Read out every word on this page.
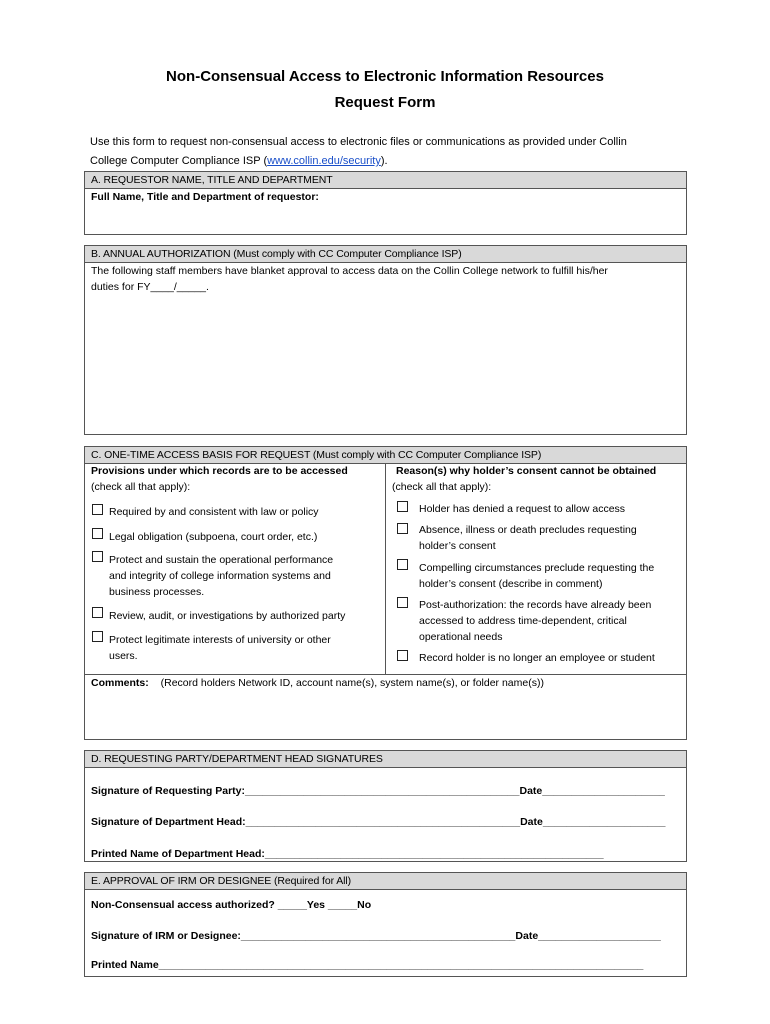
Non-Consensual Access to Electronic Information Resources
Request Form
Use this form to request non-consensual access to electronic files or communications as provided under Collin
College Computer Compliance ISP (www.collin.edu/security).
A. REQUESTOR NAME, TITLE AND DEPARTMENT
Full Name, Title and Department of requestor:
B. ANNUAL AUTHORIZATION (Must comply with CC Computer Compliance ISP)
The following staff members have blanket approval to access data on the Collin College network to fulfill his/her
duties for FY____/_____.
C. ONE-TIME ACCESS BASIS FOR REQUEST (Must comply with CC Computer Compliance ISP)
Provisions under which records are to be accessed
(check all that apply):
Reason(s) why holder’s consent cannot be obtained
(check all that apply):
Required by and consistent with law or policy
Legal obligation (subpoena, court order, etc.)
Protect and sustain the operational performance
and integrity of college information systems and
business processes.
Review, audit, or investigations by authorized party
Protect legitimate interests of university or other
users.
Holder has denied a request to allow access
Absence, illness or death precludes requesting
holder’s consent
Compelling circumstances preclude requesting the
holder’s consent (describe in comment)
Post-authorization: the records have already been
accessed to address time-dependent, critical
operational needs
Record holder is no longer an employee or student
Comments: (Record holders Network ID, account name(s), system name(s), or folder name(s))
D. REQUESTING PARTY/DEPARTMENT HEAD SIGNATURES
Signature of Requesting Party:_______________________________________________Date_____________________
Signature of Department Head:_______________________________________________Date_____________________
Printed Name of Department Head:__________________________________________________________
E. APPROVAL OF IRM OR DESIGNEE (Required for All)
Non-Consensual access authorized? _____Yes _____No
Signature of IRM or Designee:_______________________________________________Date_____________________
Printed Name___________________________________________________________________________________
